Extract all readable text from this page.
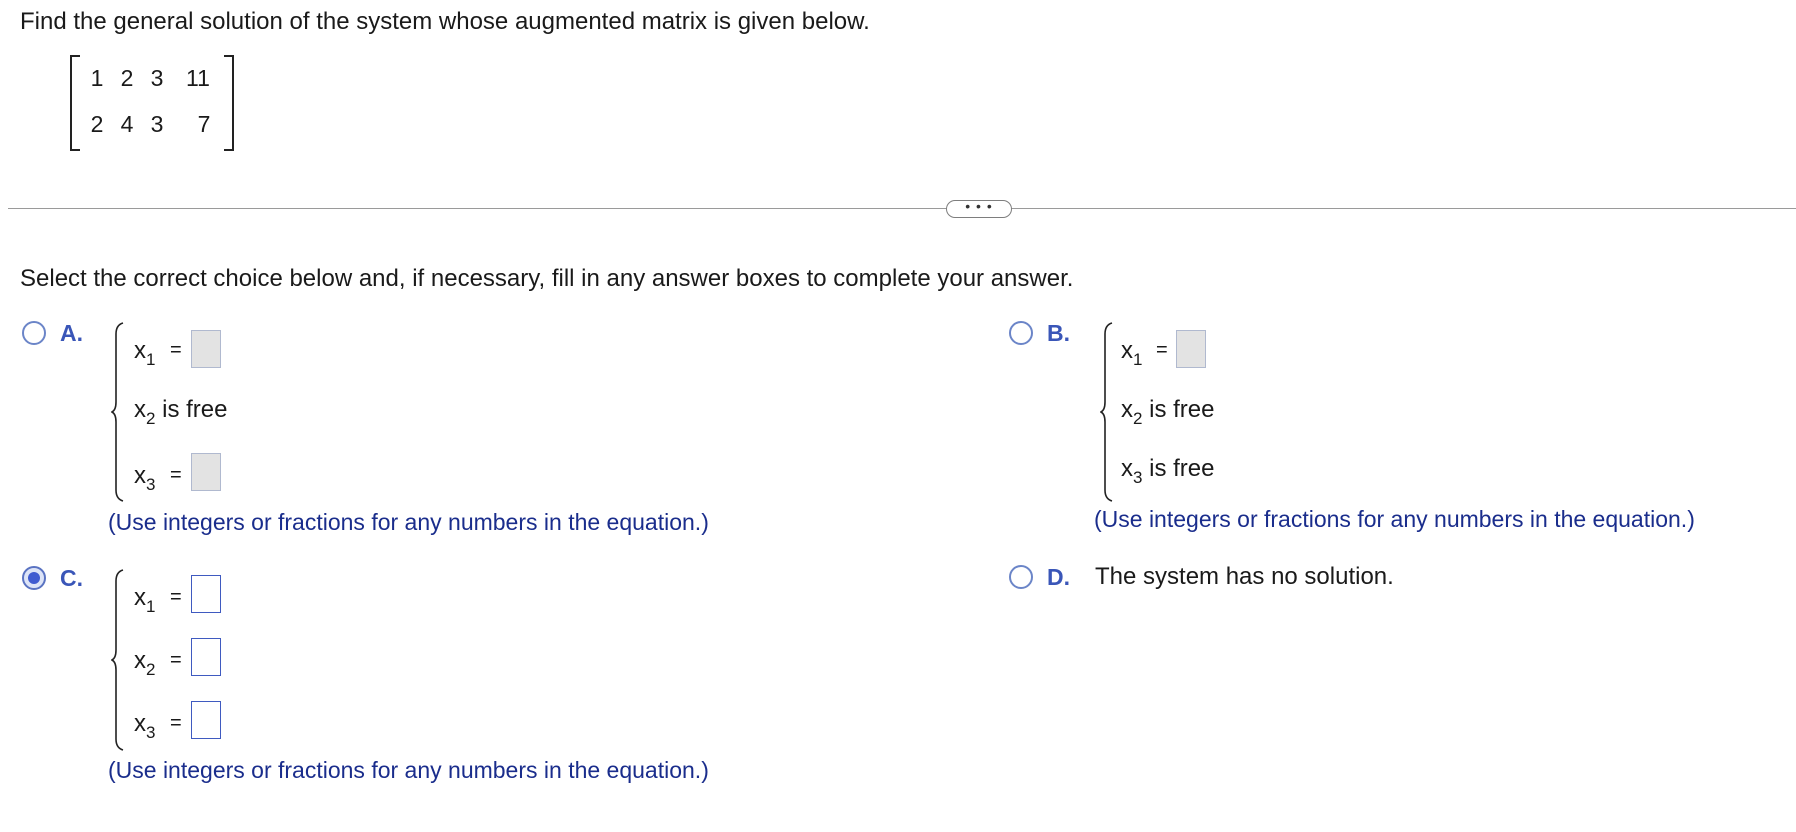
Find the general solution of the system whose augmented matrix is given below.
1 2 3 11
2 4 3	7
• • •
Select the correct choice below and, if necessary, fill in any answer boxes to complete your answer.
A.
$x_1$ =
$x_2$ is free
$x_3$ =
(Use integers or fractions for any numbers in the equation.)
B.
$x_1$ =
$x_2$ is free
$x_3$ is free
(Use integers or fractions for any numbers in the equation.)
C.
$x_1$ =
$x_2$ =
$x_3$ =
(Use integers or fractions for any numbers in the equation.)
D. The system has no solution.
